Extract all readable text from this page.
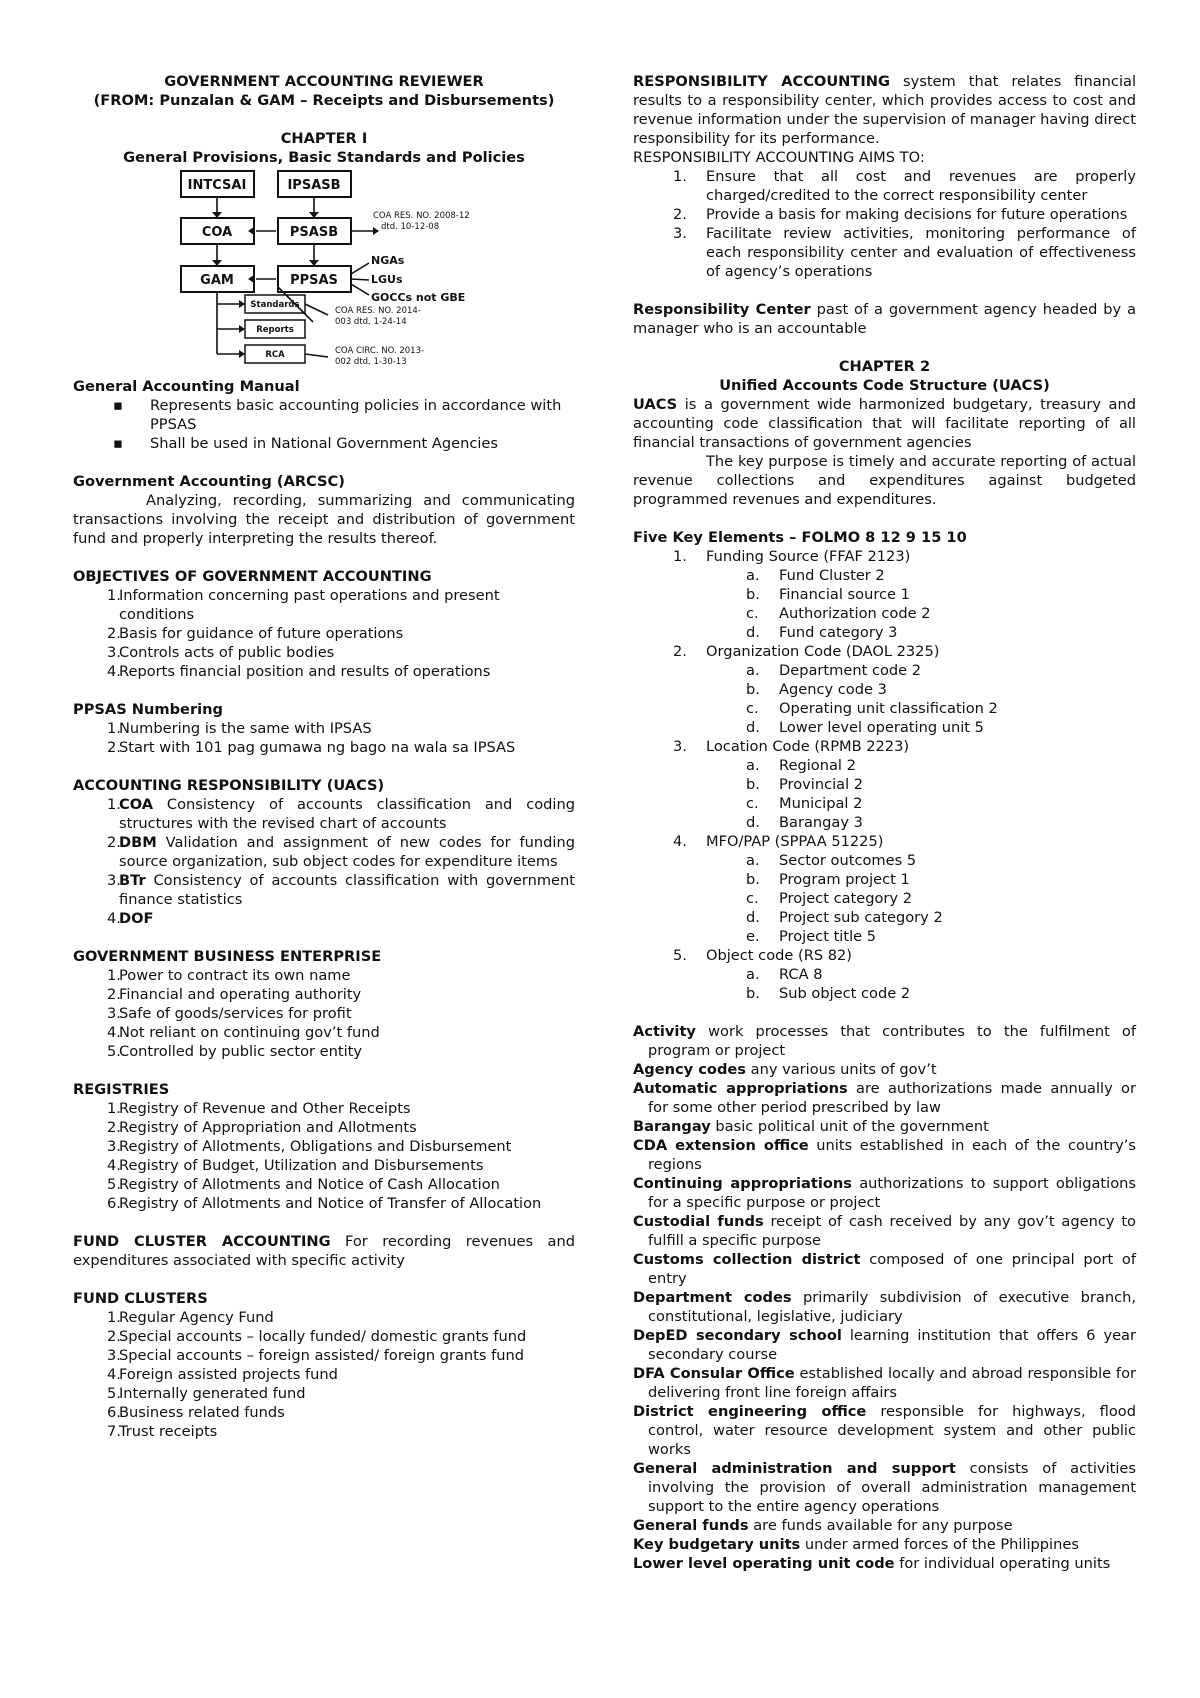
GOVERNMENT ACCOUNTING REVIEWER

(FROM: Punzalan & GAM – Receipts and Disbursements)

CHAPTER I

General Provisions, Basic Standards and Policies

INTCSAI	IPSASB
COA	PSASB
GAM	PPSAS
Standards
Reports
RCA
NGAs
LGUs
GOCCs not GBE
COA RES. NO. 2008-12
dtd. 10-12-08
COA RES. NO. 2014-
003 dtd. 1-24-14
COA CIRC. NO. 2013-
002 dtd. 1-30-13

General Accounting Manual

▪	Represents basic accounting policies in accordance with PPSAS
▪	Shall be used in National Government Agencies

Government Accounting (ARCSC)

Analyzing, recording, summarizing and communicating transactions involving the receipt and distribution of government fund and properly interpreting the results thereof.

OBJECTIVES OF GOVERNMENT ACCOUNTING

1.
Information concerning past operations and present conditions
2.
Basis for guidance of future operations
3.
Controls acts of public bodies
4.
Reports financial position and results of operations

PPSAS Numbering

1.
Numbering is the same with IPSAS
2.
Start with 101 pag gumawa ng bago na wala sa IPSAS

ACCOUNTING RESPONSIBILITY (UACS)

1.
COA Consistency of accounts classification and coding structures with the revised chart of accounts
2.
DBM Validation and assignment of new codes for funding source organization, sub object codes for expenditure items
3.
BTr Consistency of accounts classification with government finance statistics
4.
DOF

GOVERNMENT BUSINESS ENTERPRISE

1.
Power to contract its own name
2.
Financial and operating authority
3.
Safe of goods/services for profit
4.
Not reliant on continuing gov’t fund
5.
Controlled by public sector entity

REGISTRIES

1.
Registry of Revenue and Other Receipts
2.
Registry of Appropriation and Allotments
3.
Registry of Allotments, Obligations and Disbursement
4.
Registry of Budget, Utilization and Disbursements
5.
Registry of Allotments and Notice of Cash Allocation
6.
Registry of Allotments and Notice of Transfer of Allocation

FUND CLUSTER ACCOUNTING For recording revenues and expenditures associated with specific activity

FUND CLUSTERS

1.
Regular Agency Fund
2.
Special accounts – locally funded/ domestic grants fund
3.
Special accounts – foreign assisted/ foreign grants fund
4.
Foreign assisted projects fund
5.
Internally generated fund
6.
Business related funds
7.
Trust receipts

RESPONSIBILITY ACCOUNTING system that relates financial results to a responsibility center, which provides access to cost and revenue information under the supervision of manager having direct responsibility for its performance.

RESPONSIBILITY ACCOUNTING AIMS TO:

1.	Ensure that all cost and revenues are properly charged/credited to the correct responsibility center
2.	Provide a basis for making decisions for future operations
3.	Facilitate review activities, monitoring performance of each responsibility center and evaluation of effectiveness of agency’s operations

Responsibility Center past of a government agency headed by a manager who is an accountable

CHAPTER 2

Unified Accounts Code Structure (UACS)

UACS is a government wide harmonized budgetary, treasury and accounting code classification that will facilitate reporting of all financial transactions of government agencies

The key purpose is timely and accurate reporting of actual revenue collections and expenditures against budgeted programmed revenues and expenditures.

Five Key Elements – FOLMO 8 12 9 15 10

1.	Funding Source (FFAF 2123)
a.	Fund Cluster 2
b.	Financial source 1
c.	Authorization code 2
d.	Fund category 3
2.	Organization Code (DAOL 2325)
a.	Department code 2
b.	Agency code 3
c.	Operating unit classification 2
d.	Lower level operating unit 5
3.	Location Code (RPMB 2223)
a.	Regional 2
b.	Provincial 2
c.	Municipal 2
d.	Barangay 3
4.	MFO/PAP (SPPAA 51225)
a.	Sector outcomes 5
b.	Program project 1
c.	Project category 2
d.	Project sub category 2
e.	Project title 5
5.	Object code (RS 82)
a.	RCA 8
b.	Sub object code 2

Activity work processes that contributes to the fulfilment of program or project

Agency codes any various units of gov’t

Automatic appropriations are authorizations made annually or for some other period prescribed by law

Barangay basic political unit of the government

CDA extension office units established in each of the country’s regions

Continuing appropriations authorizations to support obligations for a specific purpose or project

Custodial funds receipt of cash received by any gov’t agency to fulfill a specific purpose

Customs collection district composed of one principal port of entry

Department codes primarily subdivision of executive branch, constitutional, legislative, judiciary

DepED secondary school learning institution that offers 6 year secondary course

DFA Consular Office established locally and abroad responsible for delivering front line foreign affairs

District engineering office responsible for highways, flood control, water resource development system and other public works

General administration and support consists of activities involving the provision of overall administration management support to the entire agency operations

General funds are funds available for any purpose

Key budgetary units under armed forces of the Philippines

Lower level operating unit code for individual operating units
